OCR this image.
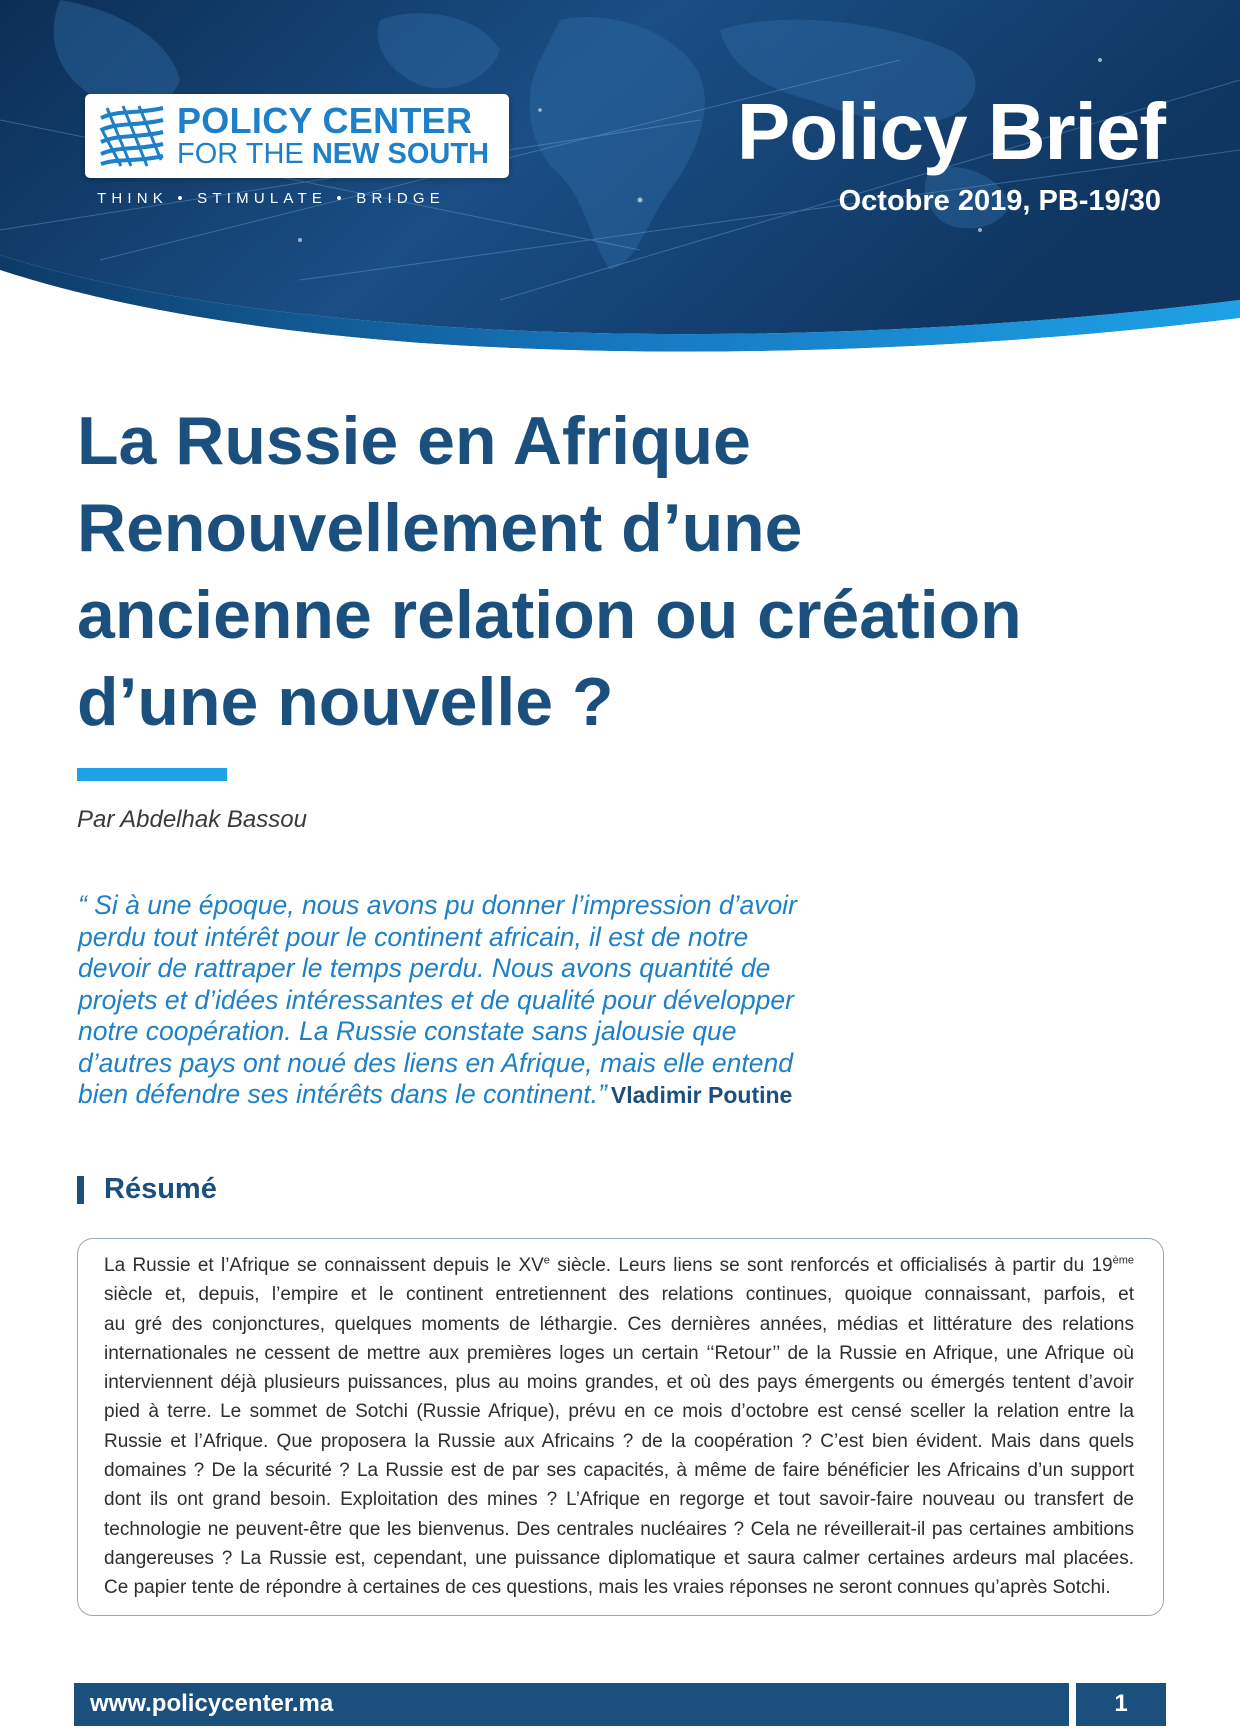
POLICY CENTER
FOR THE NEW SOUTH
THINK • STIMULATE • BRIDGE
Policy Brief
Octobre 2019, PB-19/30
La Russie en Afrique
Renouvellement d’une
ancienne relation ou création
d’une nouvelle ?
Par Abdelhak Bassou

“ Si à une époque, nous avons pu donner l’impression d’avoir
perdu tout intérêt pour le continent africain, il est de notre
devoir de rattraper le temps perdu. Nous avons quantité de
projets et d’idées intéressantes et de qualité pour développer
notre coopération. La Russie constate sans jalousie que
d’autres pays ont noué des liens en Afrique, mais elle entend
bien défendre ses intérêts dans le continent.” Vladimir Poutine

Résumé

La Russie et l’Afrique se connaissent depuis le XVe siècle. Leurs liens se sont renforcés et officialisés à partir du 19ème
siècle et, depuis, l’empire et le continent entretiennent des relations continues, quoique connaissant, parfois, et
au gré des conjonctures, quelques moments de léthargie. Ces dernières années, médias et littérature des relations
internationales ne cessent de mettre aux premières loges un certain ‘‘Retour’’ de la Russie en Afrique, une Afrique où
interviennent déjà plusieurs puissances, plus au moins grandes, et où des pays émergents ou émergés tentent d’avoir
pied à terre. Le sommet de Sotchi (Russie Afrique), prévu en ce mois d’octobre est censé sceller la relation entre la
Russie et l’Afrique. Que proposera la Russie aux Africains ? de la coopération ? C’est bien évident. Mais dans quels
domaines ? De la sécurité ? La Russie est de par ses capacités, à même de faire bénéficier les Africains d’un support
dont ils ont grand besoin. Exploitation des mines ? L’Afrique en regorge et tout savoir-faire nouveau ou transfert de
technologie ne peuvent-être que les bienvenus. Des centrales nucléaires ? Cela ne réveillerait-il pas certaines ambitions
dangereuses ? La Russie est, cependant, une puissance diplomatique et saura calmer certaines ardeurs mal placées.
Ce papier tente de répondre à certaines de ces questions, mais les vraies réponses ne seront connues qu’après Sotchi.

www.policycenter.ma	1
